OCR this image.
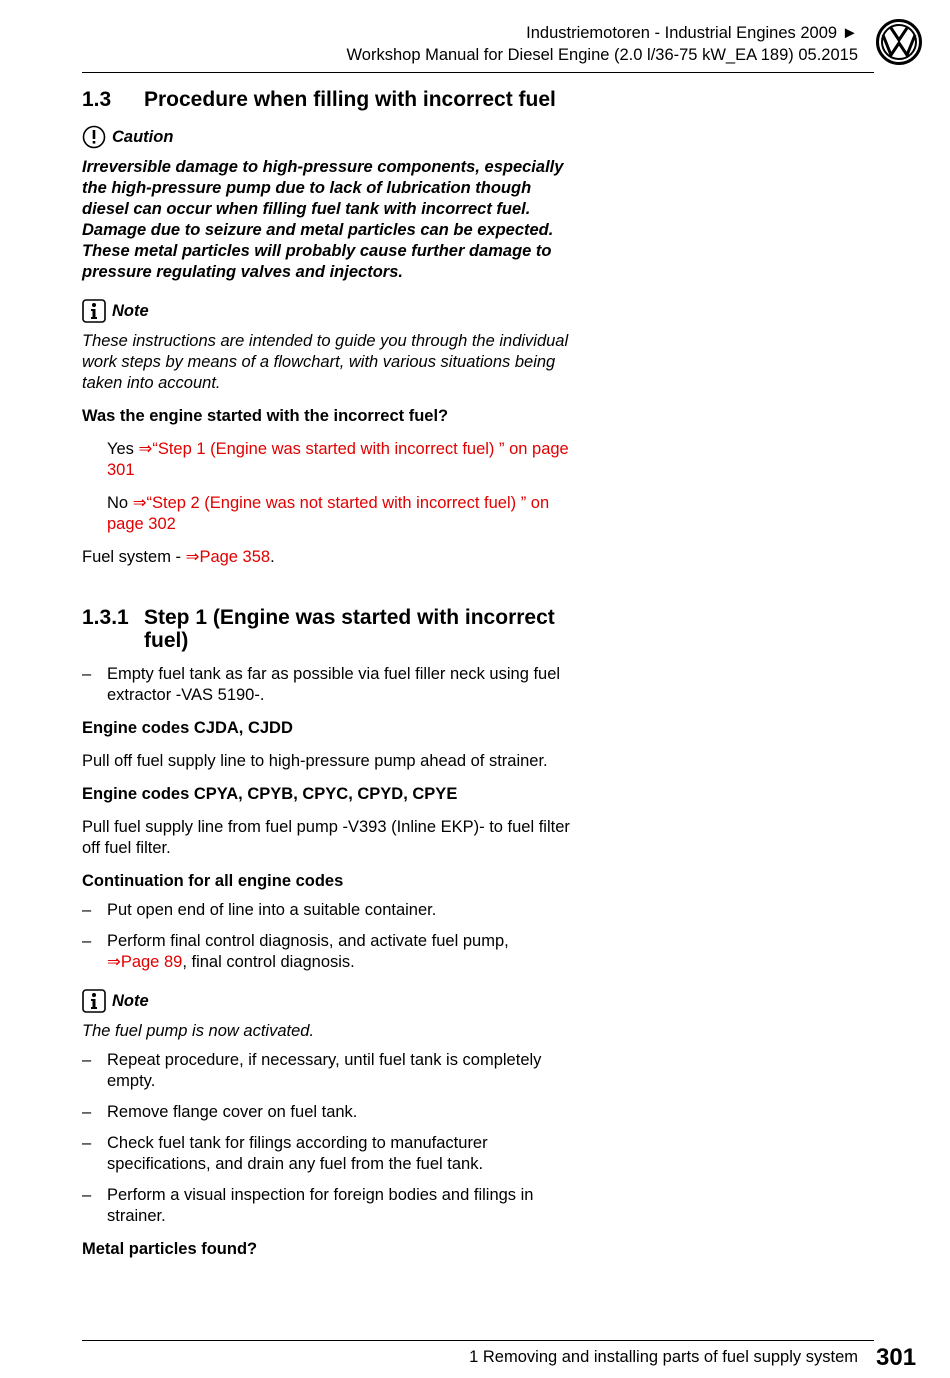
Industriemotoren - Industrial Engines 2009 ►
Workshop Manual for Diesel Engine (2.0 l/36-75 kW_EA 189) 05.2015
1.3	Procedure when filling with incorrect fuel
Caution
Irreversible damage to high-pressure components, especially the high-pressure pump due to lack of lubrication though diesel can occur when filling fuel tank with incorrect fuel. Damage due to seizure and metal particles can be expected. These metal particles will probably cause further damage to pressure regulating valves and injectors.
Note
These instructions are intended to guide you through the individual work steps by means of a flowchart, with various situations being taken into account.
Was the engine started with the incorrect fuel?
Yes ⇒“Step 1 (Engine was started with incorrect fuel) ” on page 301
No ⇒“Step 2 (Engine was not started with incorrect fuel) ” on page 302
Fuel system - ⇒Page 358.
1.3.1 Step 1 (Engine was started with incorrect fuel)
– Empty fuel tank as far as possible via fuel filler neck using fuel extractor -VAS 5190-.
Engine codes CJDA, CJDD
Pull off fuel supply line to high-pressure pump ahead of strainer.
Engine codes CPYA, CPYB, CPYC, CPYD, CPYE
Pull fuel supply line from fuel pump -V393 (Inline EKP)- to fuel filter off fuel filter.
Continuation for all engine codes
– Put open end of line into a suitable container.
– Perform final control diagnosis, and activate fuel pump,
⇒Page 89, final control diagnosis.
Note
The fuel pump is now activated.
– Repeat procedure, if necessary, until fuel tank is completely empty.
– Remove flange cover on fuel tank.
– Check fuel tank for filings according to manufacturer specifications, and drain any fuel from the fuel tank.
– Perform a visual inspection for foreign bodies and filings in strainer.
Metal particles found?
1 Removing and installing parts of fuel supply system 301
